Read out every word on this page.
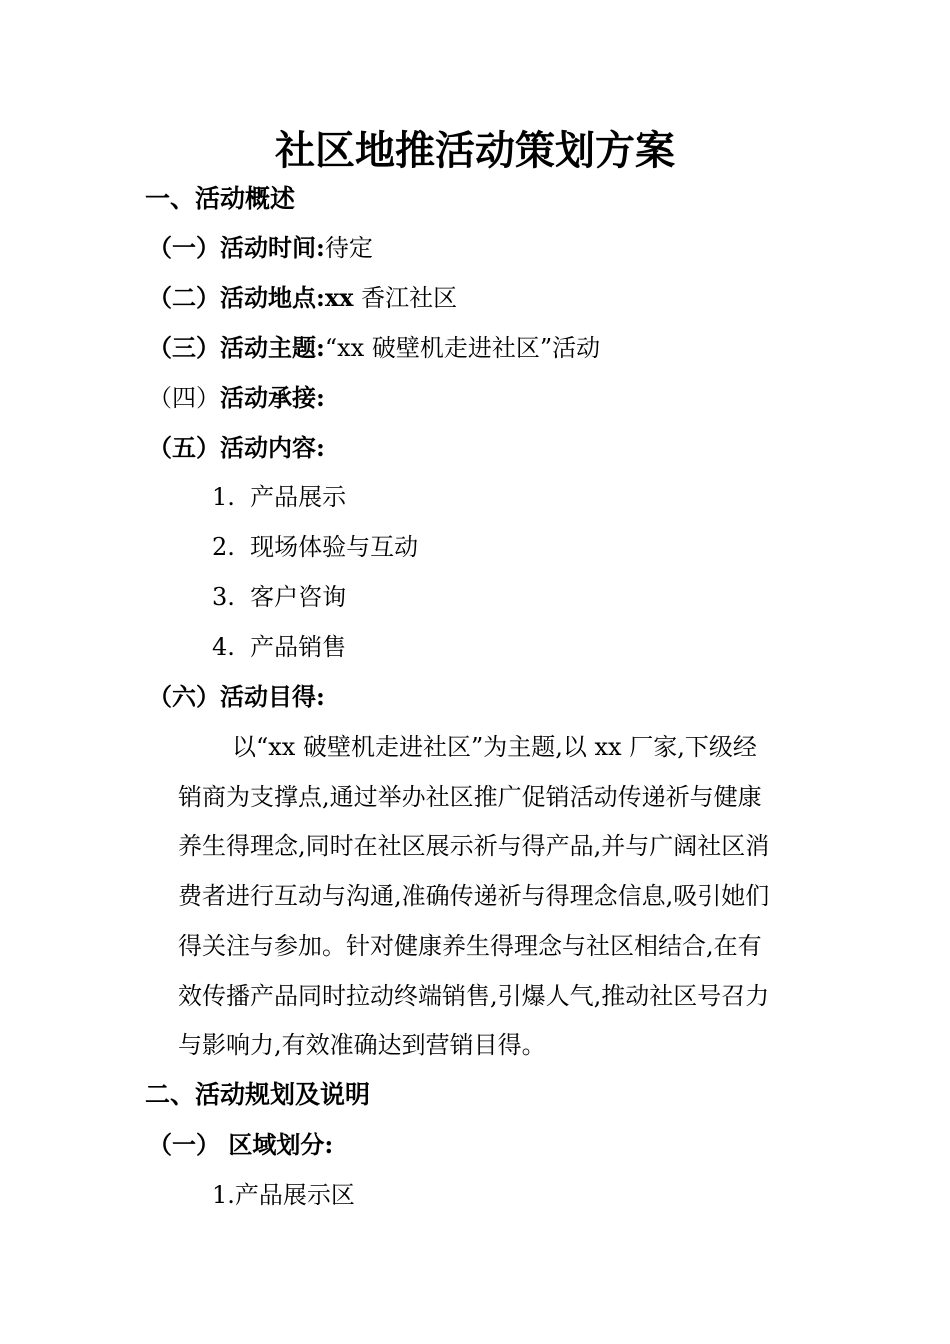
社区地推活动策划方案
一、活动概述
（一）活动时间:待定
（二）活动地点:xx 香江社区
（三）活动主题:“xx 破壁机走进社区”活动
（四）活动承接:
（五）活动内容:
1. 产品展示
2. 现场体验与互动
3. 客户咨询
4. 产品销售
（六）活动目得:
以“xx 破壁机走进社区”为主题,以 xx 厂家,下级经
销商为支撑点,通过举办社区推广促销活动传递祈与健康
养生得理念,同时在社区展示祈与得产品,并与广阔社区消
费者进行互动与沟通,准确传递祈与得理念信息,吸引她们
得关注与参加。针对健康养生得理念与社区相结合,在有
效传播产品同时拉动终端销售,引爆人气,推动社区号召力
与影响力,有效准确达到营销目得。
二、活动规划及说明
（一） 区域划分:
1.产品展示区
